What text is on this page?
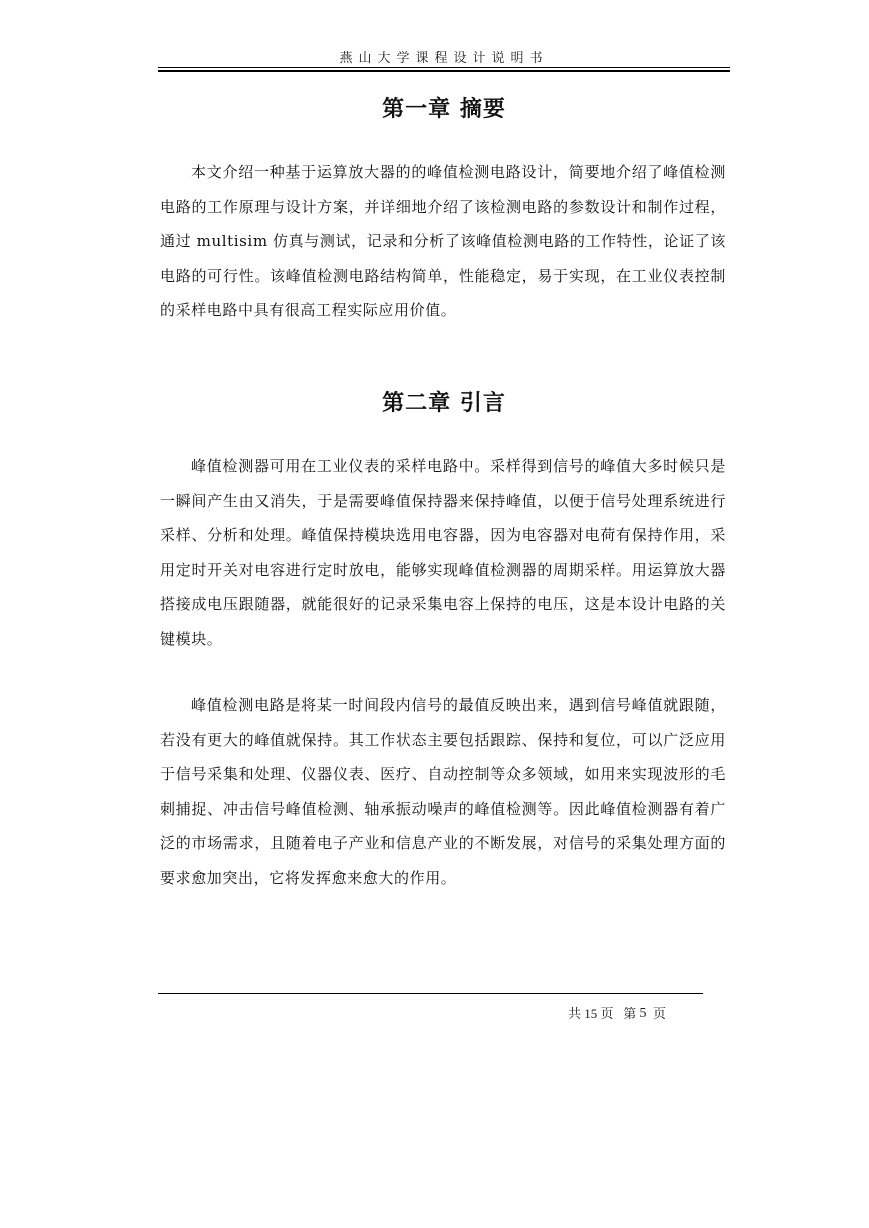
燕山大学课程设计说明书
第一章 摘要

本文介绍一种基于运算放大器的的峰值检测电路设计，简要地介绍了峰值检测电路的工作原理与设计方案，并详细地介绍了该检测电路的参数设计和制作过程，通过 multisim 仿真与测试，记录和分析了该峰值检测电路的工作特性，论证了该电路的可行性。该峰值检测电路结构简单，性能稳定，易于实现，在工业仪表控制的采样电路中具有很高工程实际应用价值。

第二章 引言

峰值检测器可用在工业仪表的采样电路中。采样得到信号的峰值大多时候只是一瞬间产生由又消失，于是需要峰值保持器来保持峰值，以便于信号处理系统进行采样、分析和处理。峰值保持模块选用电容器，因为电容器对电荷有保持作用，采用定时开关对电容进行定时放电，能够实现峰值检测器的周期采样。用运算放大器搭接成电压跟随器，就能很好的记录采集电容上保持的电压，这是本设计电路的关键模块。

峰值检测电路是将某一时间段内信号的最值反映出来，遇到信号峰值就跟随，若没有更大的峰值就保持。其工作状态主要包括跟踪、保持和复位，可以广泛应用于信号采集和处理、仪器仪表、医疗、自动控制等众多领域，如用来实现波形的毛刺捕捉、冲击信号峰值检测、轴承振动噪声的峰值检测等。因此峰值检测器有着广泛的市场需求，且随着电子产业和信息产业的不断发展，对信号的采集处理方面的要求愈加突出，它将发挥愈来愈大的作用。

共 15 页 第 5 页
